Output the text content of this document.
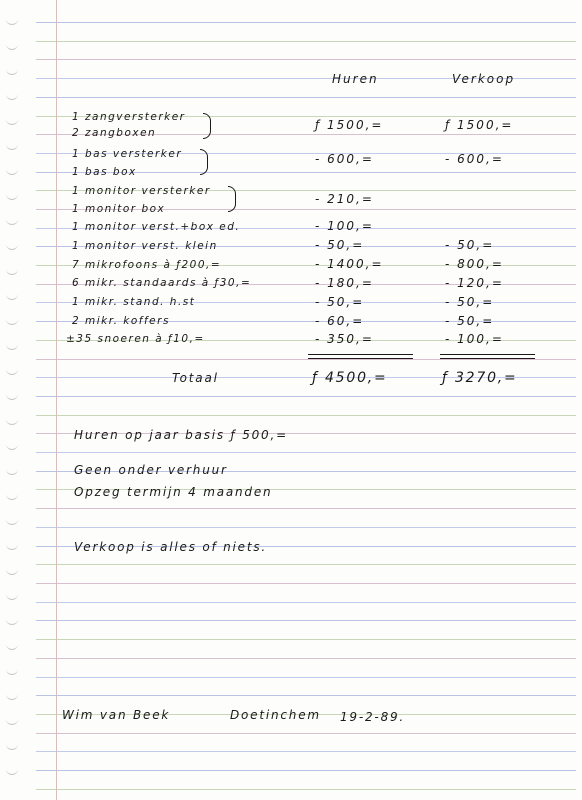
Huren	Verkoop
1 zangversterker
2 zangboxen
ƒ 1500,=	ƒ 1500,=
1 bas versterker
1 bas box
- 600,=	- 600,=
1 monitor versterker
1 monitor box
- 210,=
1 monitor verst.+box ed.	- 100,=
1 monitor verst. klein	- 50,=	- 50,=
7 mikrofoons à ƒ200,=	- 1400,=	- 800,=
6 mikr. standaards à ƒ30,=	- 180,=	- 120,=
1 mikr. stand. h.st	- 50,=	- 50,=
2 mikr. koffers	- 60,=	- 50,=
±35 snoeren à ƒ10,=	- 350,=	- 100,=
Totaal	ƒ 4500,=	ƒ 3270,=
Huren op jaar basis ƒ 500,=
Geen onder verhuur
Opzeg termijn 4 maanden
Verkoop is alles of niets.
Wim van Beek	Doetinchem 19-2-89.
